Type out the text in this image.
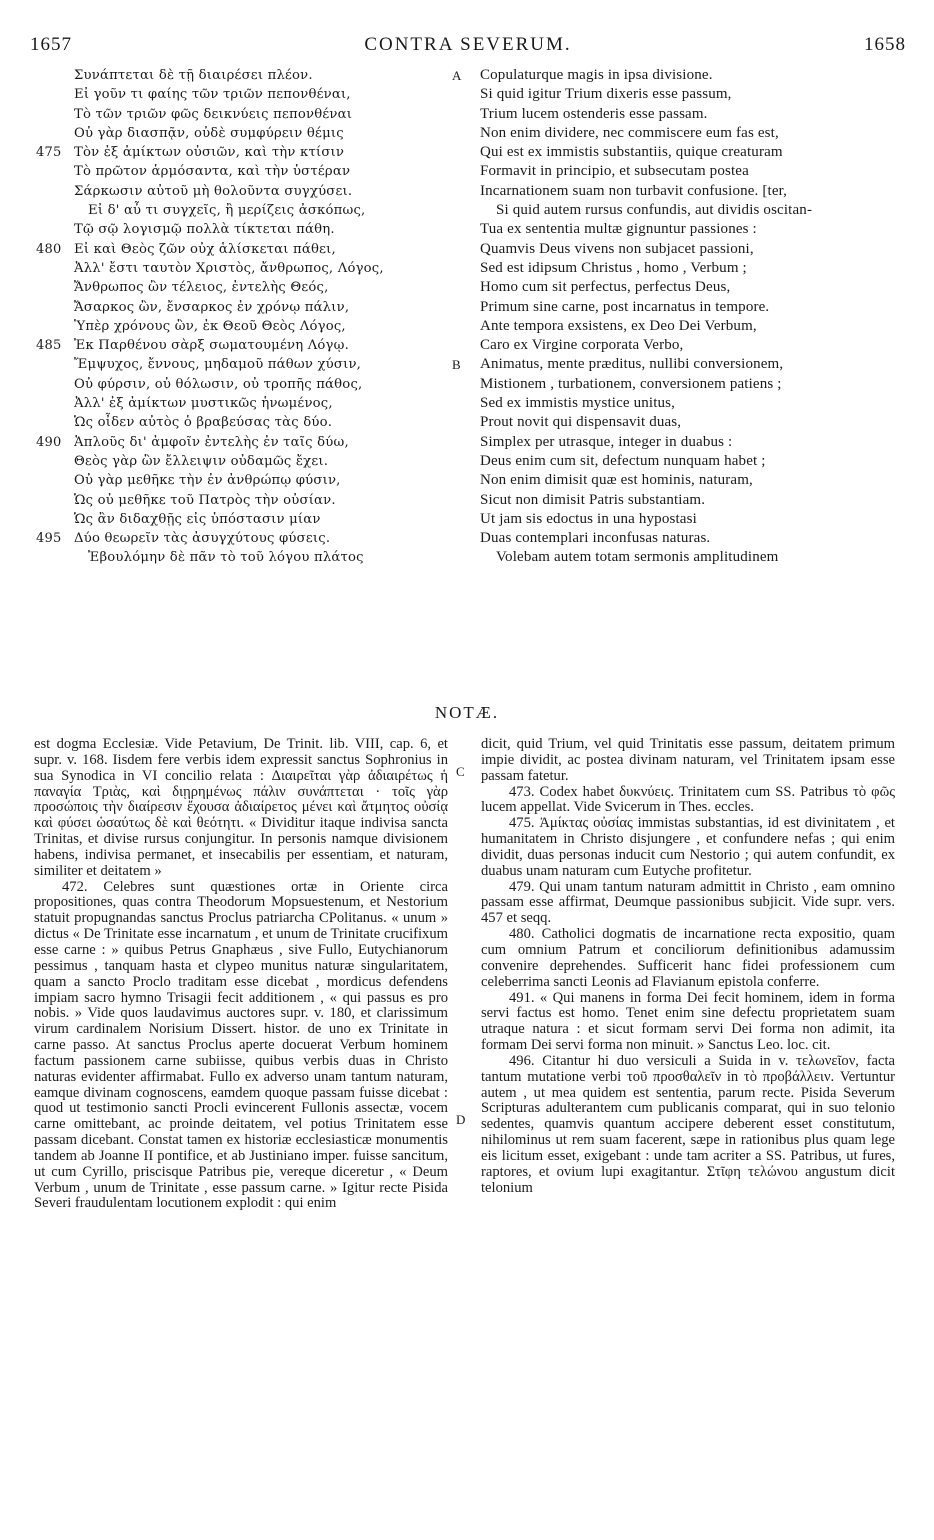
1657	CONTRA SEVERUM.	1658
Συνάπτεται δὲ τῇ διαιρέσει πλέον.
Εἰ γοῦν τι φαίης τῶν τριῶν πεπονθέναι,
Τὸ τῶν τριῶν φῶς δεικνύεις πεπονθέναι
Οὐ γὰρ διασπᾷν, οὐδὲ συμφύρειν θέμις
475 Τὸν ἐξ ἀμίκτων οὐσιῶν, καὶ τὴν κτίσιν
Τὸ πρῶτον ἁρμόσαντα, καὶ τὴν ὑστέραν
Σάρκωσιν αὐτοῦ μὴ θολοῦντα συγχύσει.
Εἰ δ' αὖ τι συγχεῖς, ἢ μερίζεις ἀσκόπως,
Τῷ σῷ λογισμῷ πολλὰ τίκτεται πάθη.
480 Εἰ καὶ Θεὸς ζῶν οὐχ ἁλίσκεται πάθει,
Ἀλλ' ἔστι ταυτὸν Χριστὸς, ἄνθρωπος, Λόγος,
Ἄνθρωπος ὢν τέλειος, ἐντελὴς Θεός,
Ἄσαρκος ὢν, ἔνσαρκος ἐν χρόνῳ πάλιν,
Ὑπὲρ χρόνους ὢν, ἐκ Θεοῦ Θεὸς Λόγος,
485 Ἐκ Παρθένου σὰρξ σωματουμένη Λόγῳ.
Ἔμψυχος, ἔννους, μηδαμοῦ πάθων χύσιν,
Οὐ φύρσιν, οὐ θόλωσιν, οὐ τροπῆς πάθος,
Ἀλλ' ἐξ ἀμίκτων μυστικῶς ἡνωμένος,
Ὡς οἶδεν αὐτὸς ὁ βραβεύσας τὰς δύο.
490 Ἁπλοῦς δι' ἀμφοῖν ἐντελὴς ἐν ταῖς δύω,
Θεὸς γὰρ ὢν ἔλλειψιν οὐδαμῶς ἔχει.
Οὐ γὰρ μεθῆκε τὴν ἐν ἀνθρώπῳ φύσιν,
Ὡς οὐ μεθῆκε τοῦ Πατρὸς τὴν οὐσίαν.
Ὡς ἂν διδαχθῇς εἰς ὑπόστασιν μίαν
495 Δύο θεωρεῖν τὰς ἀσυγχύτους φύσεις.
Ἐβουλόμην δὲ πᾶν τὸ τοῦ λόγου πλάτος
A	Copulaturque magis in ipsa divisione.
Si quid igitur Trium dixeris esse passum,
Trium lucem ostenderis esse passam.
Non enim dividere, nec commiscere eum fas est,
Qui est ex immistis substantiis, quique creaturam
Formavit in principio, et subsecutam postea
Incarnationem suam non turbavit confusione. [ter,
Si quid autem rursus confundis, aut dividis oscitan-
Tua ex sententia multæ gignuntur passiones :
Quamvis Deus vivens non subjacet passioni,
Sed est idipsum Christus , homo , Verbum ;
Homo cum sit perfectus, perfectus Deus,
Primum sine carne, post incarnatus in tempore.
Ante tempora exsistens, ex Deo Dei Verbum,
Caro ex Virgine corporata Verbo,
B	Animatus, mente præditus, nullibi conversionem,
Mistionem , turbationem, conversionem patiens ;
Sed ex immistis mystice unitus,
Prout novit qui dispensavit duas,
Simplex per utrasque, integer in duabus :
Deus enim cum sit, defectum nunquam habet ;
Non enim dimisit quæ est hominis, naturam,
Sicut non dimisit Patris substantiam.
Ut jam sis edoctus in una hypostasi
Duas contemplari inconfusas naturas.
Volebam autem totam sermonis amplitudinem
NOTÆ.

est dogma Ecclesiæ. Vide Petavium, De Trinit. lib. VIII, cap. 6, et supr. v. 168. Iisdem fere verbis idem expressit sanctus Sophronius in sua Synodica in VI concilio relata : Διαιρεῖται γὰρ ἀδιαιρέτως ἡ παναγία Τριὰς, καὶ διῃρημένως πάλιν συνάπτεται · τοῖς γὰρ προσώποις τὴν διαίρεσιν ἔχουσα ἀδιαίρετος μένει καὶ ἄτμητος οὐσίᾳ καὶ φύσει ὡσαύτως δὲ καὶ θεότητι. « Dividitur itaque indivisa sancta Trinitas, et divise rursus conjungitur. In personis namque divisionem habens, indivisa permanet, et insecabilis per essentiam, et naturam, similiter et deitatem »

472. Celebres sunt quæstiones ortæ in Oriente circa propositiones, quas contra Theodorum Mopsuestenum, et Nestorium statuit propugnandas sanctus Proclus patriarcha CPolitanus. « unum » dictus « De Trinitate esse incarnatum , et unum de Trinitate crucifixum esse carne : » quibus Petrus Gnaphæus , sive Fullo, Eutychianorum pessimus , tanquam hasta et clypeo munitus naturæ singularitatem, quam a sancto Proclo traditam esse dicebat , mordicus defendens impiam sacro hymno Trisagii fecit additionem , « qui passus es pro nobis. » Vide quos laudavimus auctores supr. v. 180, et clarissimum virum cardinalem Norisium Dissert. histor. de uno ex Trinitate in carne passo. At sanctus Proclus aperte docuerat Verbum hominem factum passionem carne subiisse, quibus verbis duas in Christo naturas evidenter affirmabat. Fullo ex adverso unam tantum naturam, eamque divinam cognoscens, eamdem quoque passam fuisse dicebat : quod ut testimonio sancti Procli evincerent Fullonis assectæ, vocem carne omittebant, ac proinde deitatem, vel potius Trinitatem esse passam dicebant. Constat tamen ex historiæ ecclesiasticæ monumentis tandem ab Joanne II pontifice, et ab Justiniano imper. fuisse sancitum, ut cum Cyrillo, priscisque Patribus pie, vereque diceretur , « Deum Verbum , unum de Trinitate , esse passum carne. » Igitur recte Pisida Severi fraudulentam locutionem explodit : qui enim

dicit, quid Trium, vel quid Trinitatis esse passum, deitatem primum impie dividit, ac postea divinam naturam, vel Trinitatem ipsam esse passam fatetur.

473. Codex habet δυκνύεις. Trinitatem cum SS. Patribus τὸ φῶς lucem appellat. Vide Svicerum in Thes. eccles.

475. Ἀμίκτας οὐσίας immistas substantias, id est divinitatem , et humanitatem in Christo disjungere , et confundere nefas ; qui enim dividit, duas personas inducit cum Nestorio ; qui autem confundit, ex duabus unam naturam cum Eutyche profitetur.

479. Qui unam tantum naturam admittit in Christo , eam omnino passam esse affirmat, Deumque passionibus subjicit. Vide supr. vers. 457 et seqq.

480. Catholici dogmatis de incarnatione recta expositio, quam cum omnium Patrum et conciliorum definitionibus adamussim convenire deprehendes. Sufficerit hanc fidei professionem cum celeberrima sancti Leonis ad Flavianum epistola conferre.

491. « Qui manens in forma Dei fecit hominem, idem in forma servi factus est homo. Tenet enim sine defectu proprietatem suam utraque natura : et sicut formam servi Dei forma non adimit, ita formam Dei servi forma non minuit. » Sanctus Leo. loc. cit.

496. Citantur hi duo versiculi a Suida in v. τελωνεῖον, facta tantum mutatione verbi τοῦ προσθαλεῖν in τὸ προβάλλειν. Vertuntur autem , ut mea quidem est sententia, parum recte. Pisida Severum Scripturas adulterantem cum publicanis comparat, qui in suo telonio sedentes, quamvis quantum accipere deberent esset constitutum, nihilominus ut rem suam facerent, sæpe in rationibus plus quam lege eis licitum esset, exigebant : unde tam acriter a SS. Patribus, ut fures, raptores, et ovium lupi exagitantur. Στῖφη τελώνου angustum dicit telonium

C
D
